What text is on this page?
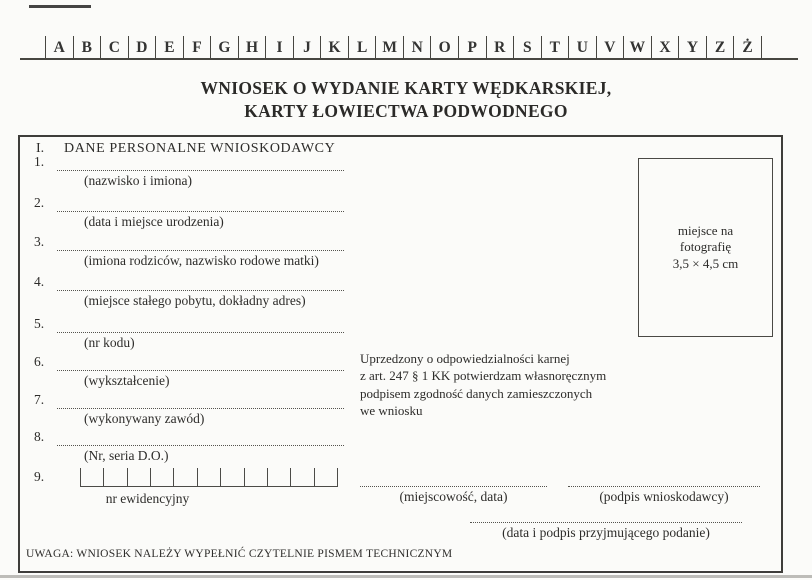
A	B	C	D	E	F	G H	I	J	K	L M N	O	P	R	S	T	U	V W X	Y	Z	Ż
WNIOSEK O WYDANIE KARTY WĘDKARSKIEJ,
KARTY ŁOWIECTWA PODWODNEGO
I. DANE PERSONALNE WNIOSKODAWCY
1.
(nazwisko i imiona)
2.
(data i miejsce urodzenia)
3.
(imiona rodziców, nazwisko rodowe matki)
4.
(miejsce stałego pobytu, dokładny adres)
5.
(nr kodu)
6.
(wykształcenie)
7.
(wykonywany zawód)
8.
(Nr, seria D.O.)
9.
nr ewidencyjny
miejsce na
fotografię
3,5 × 4,5 cm
Uprzedzony o odpowiedzialności karnej
z art. 247 § 1 KK potwierdzam własnoręcznym
podpisem zgodność danych zamieszczonych
we wniosku
(miejscowość, data)	(podpis wnioskodawcy)
(data i podpis przyjmującego podanie)
UWAGA: WNIOSEK NALEŻY WYPEŁNIĆ CZYTELNIE PISMEM TECHNICZNYM
